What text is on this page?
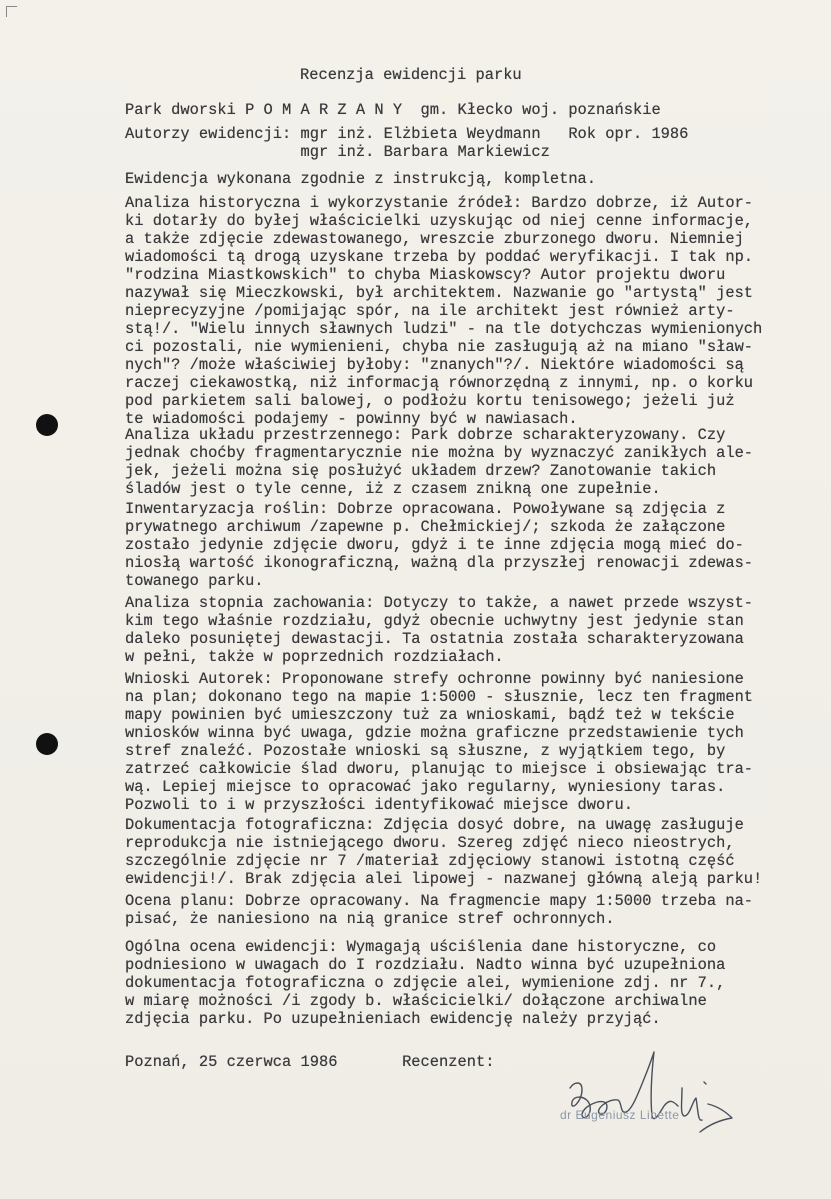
Recenzja ewidencji parku

Park dworski P O M A R Z A N Y  gm. Kłecko woj. poznańskie

Autorzy ewidencji: mgr inż. Elżbieta Weydmann   Rok opr. 1986

mgr inż. Barbara Markiewicz

Ewidencja wykonana zgodnie z instrukcją, kompletna.

Analiza historyczna i wykorzystanie źródeł: Bardzo dobrze, iż Autor-

ki dotarły do byłej właścicielki uzyskując od niej cenne informacje,

a także zdjęcie zdewastowanego, wreszcie zburzonego dworu. Niemniej

wiadomości tą drogą uzyskane trzeba by poddać weryfikacji. I tak np.

"rodzina Miastkowskich" to chyba Miaskowscy? Autor projektu dworu

nazywał się Mieczkowski, był architektem. Nazwanie go "artystą" jest

nieprecyzyjne /pomijając spór, na ile architekt jest również arty-

stą!/. "Wielu innych sławnych ludzi" - na tle dotychczas wymienionych

ci pozostali, nie wymienieni, chyba nie zasługują aż na miano "sław-

nych"? /może właściwiej byłoby: "znanych"?/. Niektóre wiadomości są

raczej ciekawostką, niż informacją równorzędną z innymi, np. o korku

pod parkietem sali balowej, o podłożu kortu tenisowego; jeżeli już

te wiadomości podajemy - powinny być w nawiasach.

Analiza układu przestrzennego: Park dobrze scharakteryzowany. Czy

jednak choćby fragmentarycznie nie można by wyznaczyć zanikłych ale-

jek, jeżeli można się posłużyć układem drzew? Zanotowanie takich

śladów jest o tyle cenne, iż z czasem znikną one zupełnie.

Inwentaryzacja roślin: Dobrze opracowana. Powoływane są zdjęcia z

prywatnego archiwum /zapewne p. Chełmickiej/; szkoda że załączone

zostało jedynie zdjęcie dworu, gdyż i te inne zdjęcia mogą mieć do-

niosłą wartość ikonograficzną, ważną dla przyszłej renowacji zdewas-

towanego parku.

Analiza stopnia zachowania: Dotyczy to także, a nawet przede wszyst-

kim tego właśnie rozdziału, gdyż obecnie uchwytny jest jedynie stan

daleko posuniętej dewastacji. Ta ostatnia została scharakteryzowana

w pełni, także w poprzednich rozdziałach.

Wnioski Autorek: Proponowane strefy ochronne powinny być naniesione

na plan; dokonano tego na mapie 1:5000 - słusznie, lecz ten fragment

mapy powinien być umieszczony tuż za wnioskami, bądź też w tekście

wniosków winna być uwaga, gdzie można graficzne przedstawienie tych

stref znaleźć. Pozostałe wnioski są słuszne, z wyjątkiem tego, by

zatrzeć całkowicie ślad dworu, planując to miejsce i obsiewając tra-

wą. Lepiej miejsce to opracować jako regularny, wyniesiony taras.

Pozwoli to i w przyszłości identyfikować miejsce dworu.

Dokumentacja fotograficzna: Zdjęcia dosyć dobre, na uwagę zasługuje

reprodukcja nie istniejącego dworu. Szereg zdjęć nieco nieostrych,

szczególnie zdjęcie nr 7 /materiał zdjęciowy stanowi istotną część

ewidencji!/. Brak zdjęcia alei lipowej - nazwanej główną aleją parku!

Ocena planu: Dobrze opracowany. Na fragmencie mapy 1:5000 trzeba na-

pisać, że naniesiono na nią granice stref ochronnych.

Ogólna ocena ewidencji: Wymagają uściślenia dane historyczne, co

podniesiono w uwagach do I rozdziału. Nadto winna być uzupełniona

dokumentacja fotograficzna o zdjęcie alei, wymienione zdj. nr 7.,

w miarę możności /i zgody b. właścicielki/ dołączone archiwalne

zdjęcia parku. Po uzupełnieniach ewidencję należy przyjąć.

Poznań, 25 czerwca 1986       Recenzent:

dr Eugeniusz Linette
